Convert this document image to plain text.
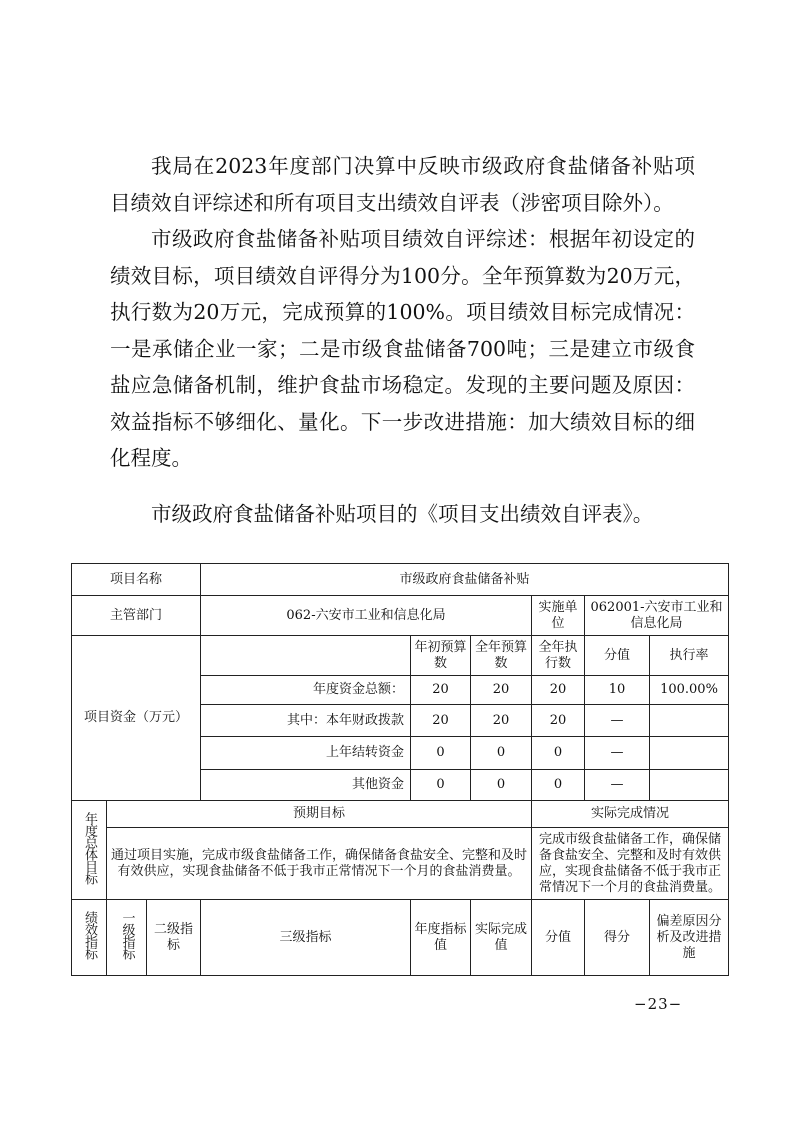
我局在2023年度部门决算中反映市级政府食盐储备补贴项目绩效自评综述和所有项目支出绩效自评表（涉密项目除外）。

市级政府食盐储备补贴项目绩效自评综述：根据年初设定的绩效目标，项目绩效自评得分为100分。全年预算数为20万元，执行数为20万元，完成预算的100%。项目绩效目标完成情况：一是承储企业一家；二是市级食盐储备700吨；三是建立市级食盐应急储备机制，维护食盐市场稳定。发现的主要问题及原因：效益指标不够细化、量化。下一步改进措施：加大绩效目标的细化程度。

市级政府食盐储备补贴项目的《项目支出绩效自评表》。

项目名称			市级政府食盐储备补贴						
主管部门			062-六安市工业和信息化局			实施单位	062001-六安市工业和信息化局		
项目资金（万元）				年初预算数	全年预算数	全年执行数	分值	执行率	
			年度资金总额：	20	20	20	10	100.00%	
			其中：本年财政拨款	20	20	20	—		
			上年结转资金	0	0	0	—		
			其他资金	0	0	0	—		
年度总体目标	预期目标					实际完成情况			
	通过项目实施，完成市级食盐储备工作，确保储备食盐安全、完整和及时有效供应，实现食盐储备不低于我市正常情况下一个月的食盐消费量。					完成市级食盐储备工作，确保储备食盐安全、完整和及时有效供应，实现食盐储备不低于我市正常情况下一个月的食盐消费量。			
绩效指标	一级指标	二级指标	三级指标	年度指标值	实际完成值	分值	得分	偏差原因分析及改进措施	
−23−
